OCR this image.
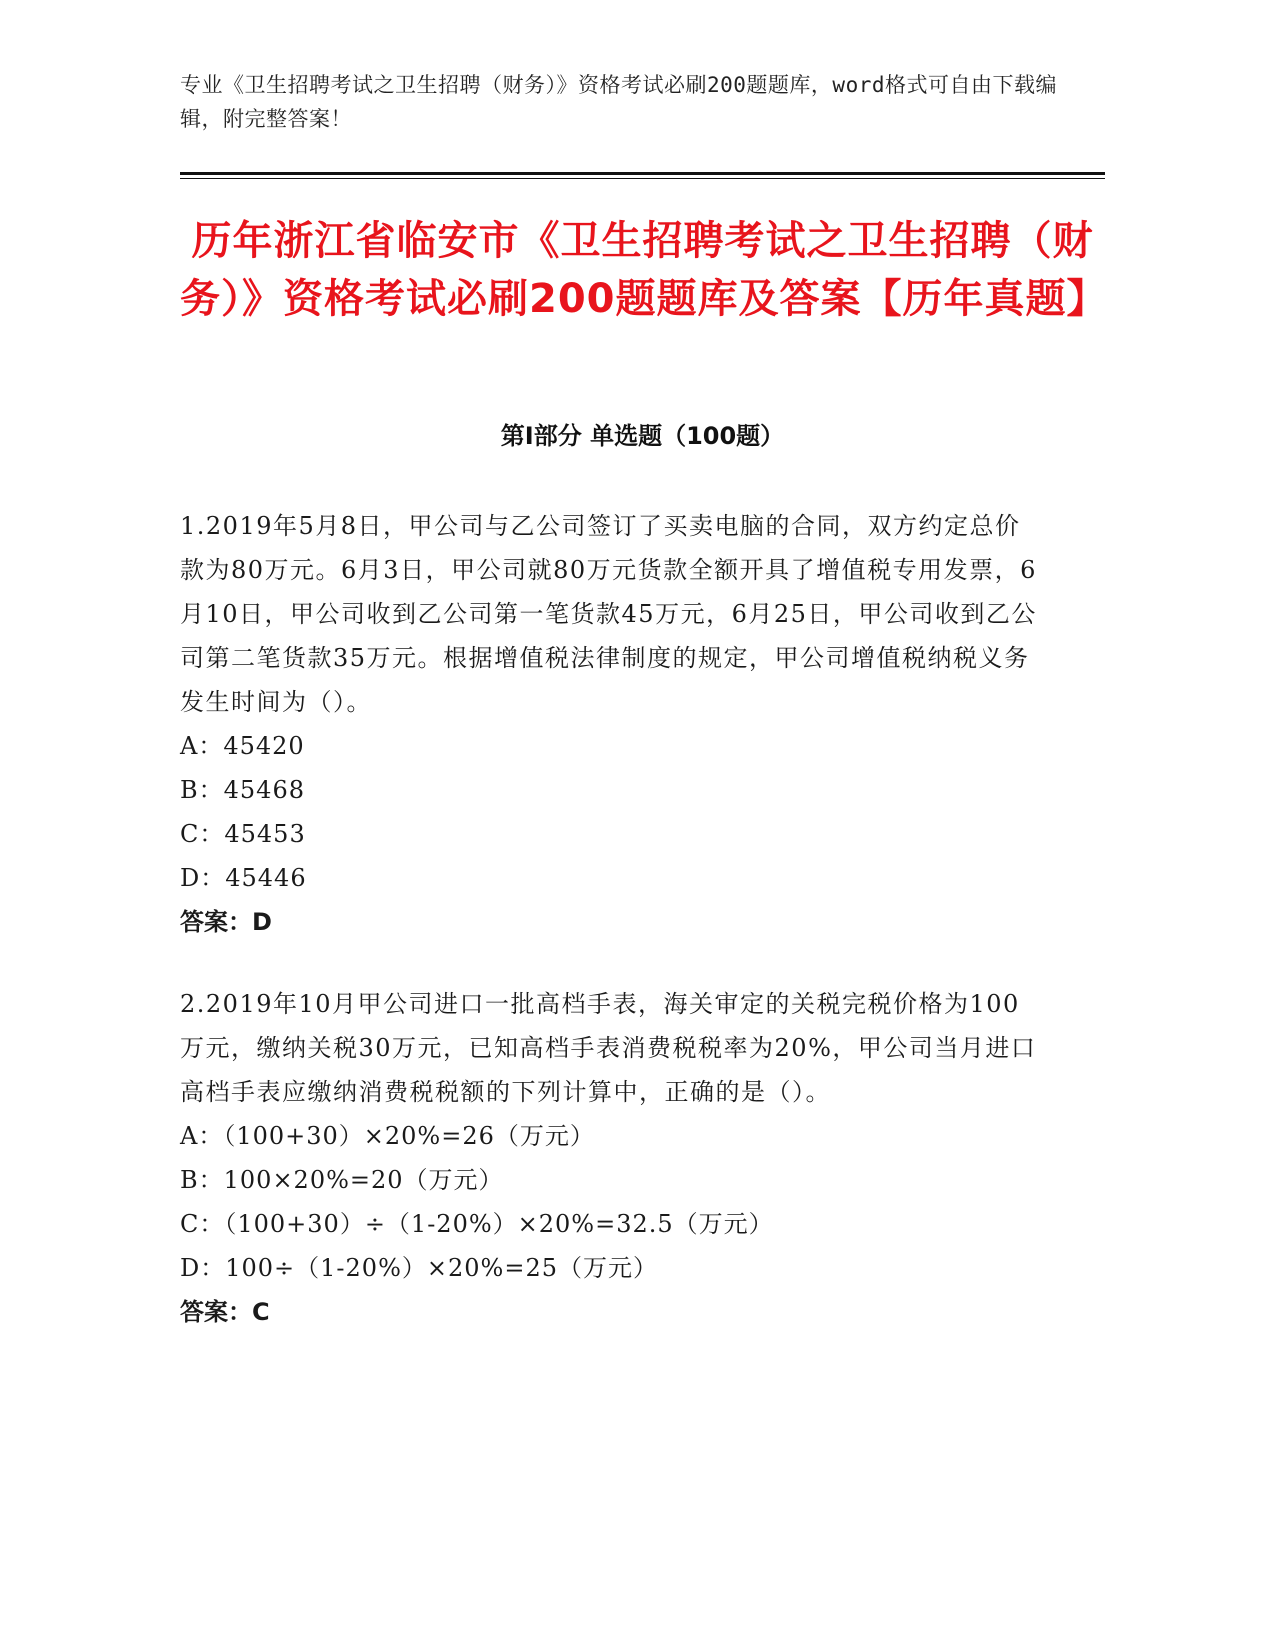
专业《卫生招聘考试之卫生招聘（财务）》资格考试必刷200题题库，word格式可自由下载编辑，附完整答案！
历年浙江省临安市《卫生招聘考试之卫生招聘（财务）》资格考试必刷200题题库及答案【历年真题】
第I部分 单选题（100题）

1.2019年5月8日，甲公司与乙公司签订了买卖电脑的合同，双方约定总价款为80万元。6月3日，甲公司就80万元货款全额开具了增值税专用发票，6月10日，甲公司收到乙公司第一笔货款45万元，6月25日，甲公司收到乙公司第二笔货款35万元。根据增值税法律制度的规定，甲公司增值税纳税义务发生时间为（）。

A：45420

B：45468

C：45453

D：45446

答案：D

2.2019年10月甲公司进口一批高档手表，海关审定的关税完税价格为100万元，缴纳关税30万元，已知高档手表消费税税率为20%，甲公司当月进口高档手表应缴纳消费税税额的下列计算中，正确的是（）。

A：（100+30）×20%=26（万元）

B：100×20%=20（万元）

C：（100+30）÷（1-20%）×20%=32.5（万元）

D：100÷（1-20%）×20%=25（万元）

答案：C
